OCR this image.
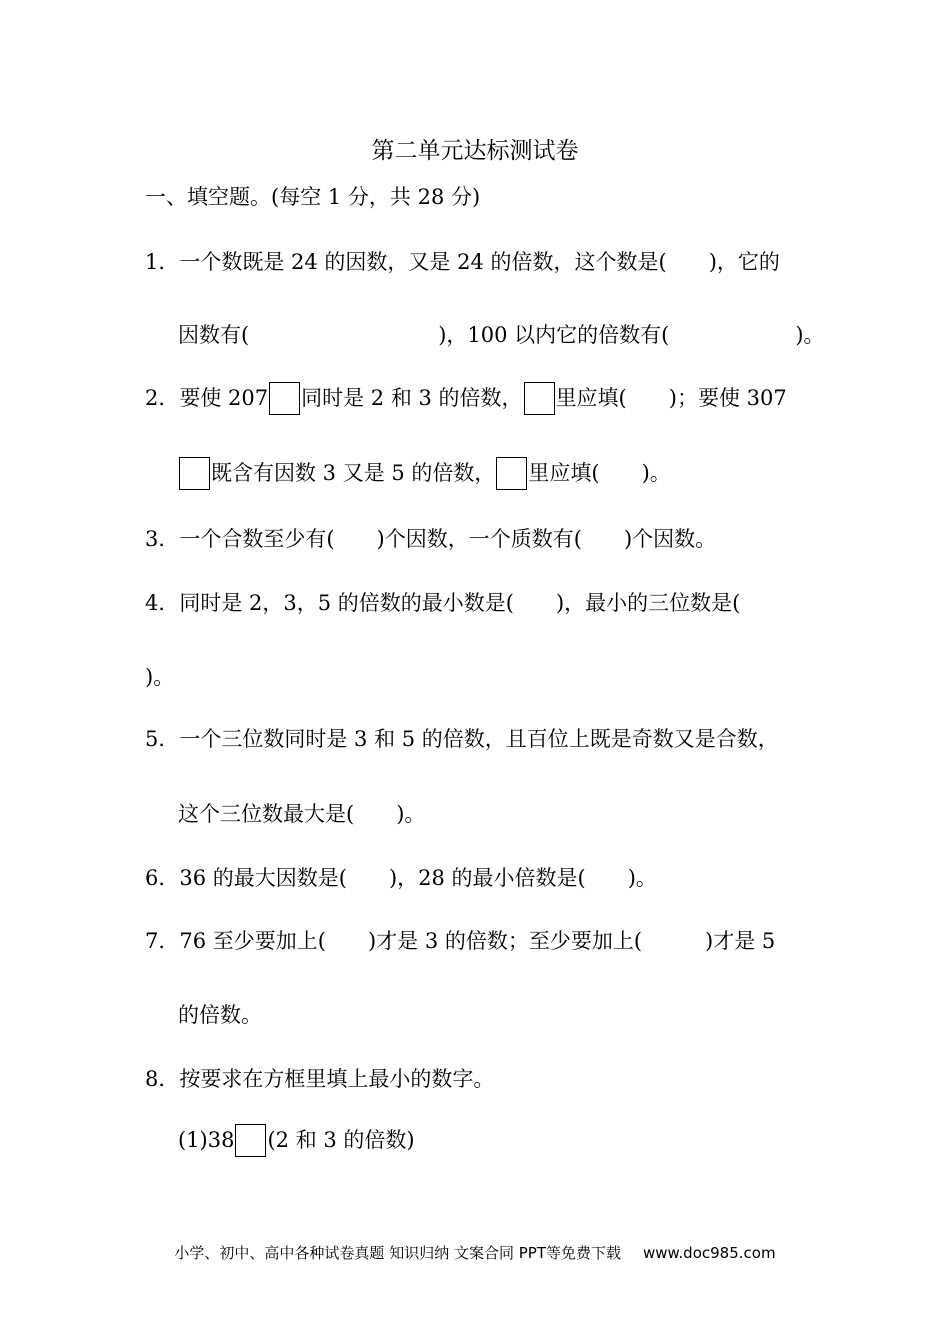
第二单元达标测试卷
一、填空题。(每空 1 分，共 28 分)
1．一个数既是 24 的因数，又是 24 的倍数，这个数是(　　)，它的
因数有(　　　　　　　　　)，100 以内它的倍数有(　　　　　　)。
2．要使 207 同时是 2 和 3 的倍数， 里应填(　　)；要使 307
既含有因数 3 又是 5 的倍数， 里应填(　　)。
3．一个合数至少有(　　)个因数，一个质数有(　　)个因数。
4．同时是 2，3，5 的倍数的最小数是(　　)，最小的三位数是(
)。
5．一个三位数同时是 3 和 5 的倍数，且百位上既是奇数又是合数，
这个三位数最大是(　　)。
6．36 的最大因数是(　　)，28 的最小倍数是(　　)。
7．76 至少要加上(　　)才是 3 的倍数；至少要加上(　　　)才是 5
的倍数。
8．按要求在方框里填上最小的数字。
(1)38 (2 和 3 的倍数)
小学、初中、高中各种试卷真题 知识归纳 文案合同 PPT等免费下载 www.doc985.com
